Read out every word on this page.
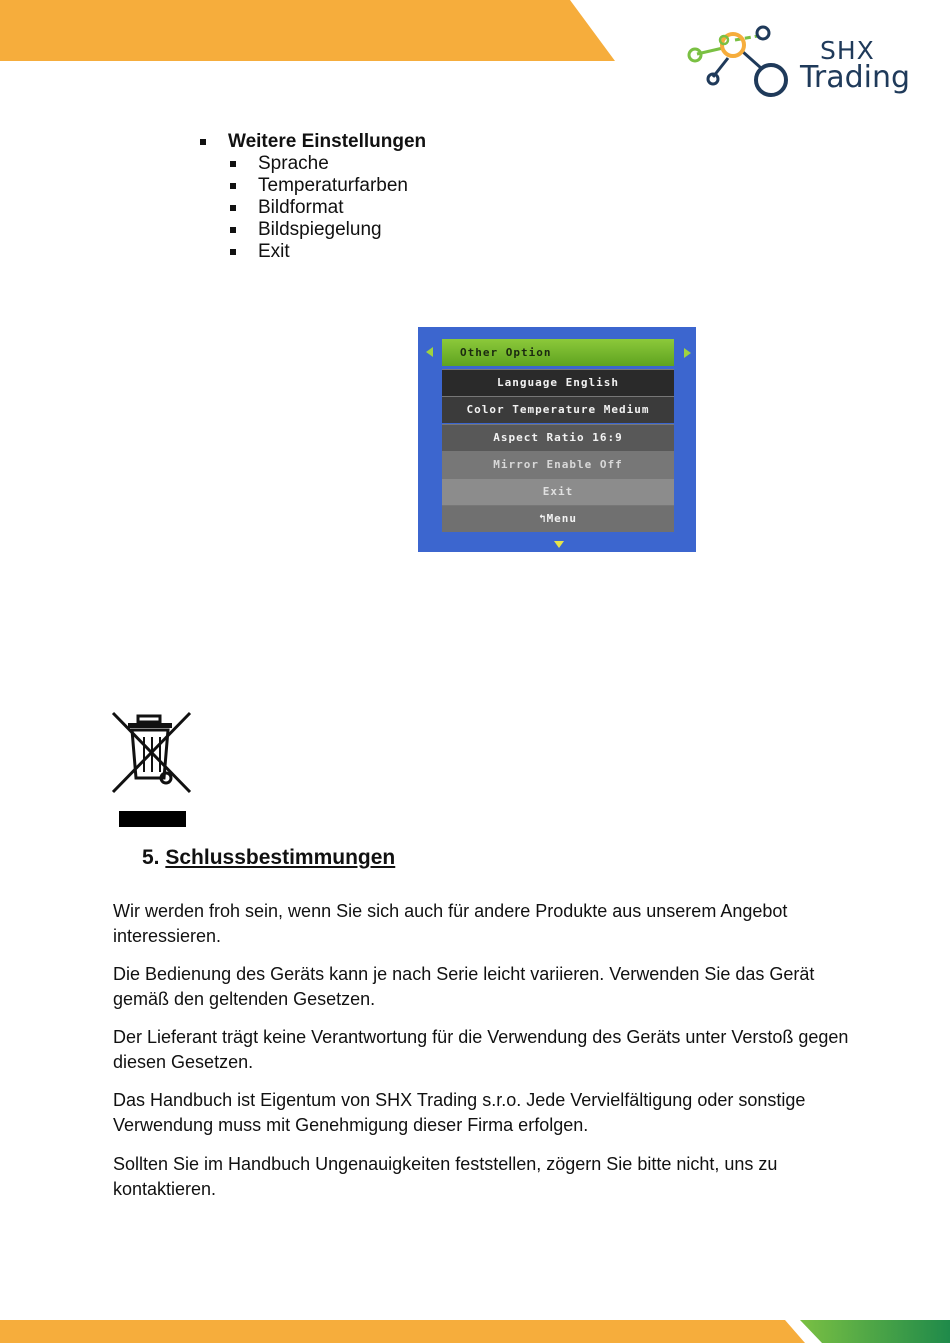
SHX
Trading
Weitere Einstellungen
Sprache
Temperaturfarben
Bildformat
Bildspiegelung
Exit
Other Option
Language English
Color Temperature Medium
Aspect Ratio 16:9
Mirror Enable Off
Exit
↰Menu
5. Schlussbestimmungen

Wir werden froh sein, wenn Sie sich auch für andere Produkte aus unserem Angebot interessieren.

Die Bedienung des Geräts kann je nach Serie leicht variieren. Verwenden Sie das Gerät gemäß den geltenden Gesetzen.

Der Lieferant trägt keine Verantwortung für die Verwendung des Geräts unter Verstoß gegen diesen Gesetzen.

Das Handbuch ist Eigentum von SHX Trading s.r.o. Jede Vervielfältigung oder sonstige Verwendung muss mit Genehmigung dieser Firma erfolgen.

Sollten Sie im Handbuch Ungenauigkeiten feststellen, zögern Sie bitte nicht, uns zu kontaktieren.
